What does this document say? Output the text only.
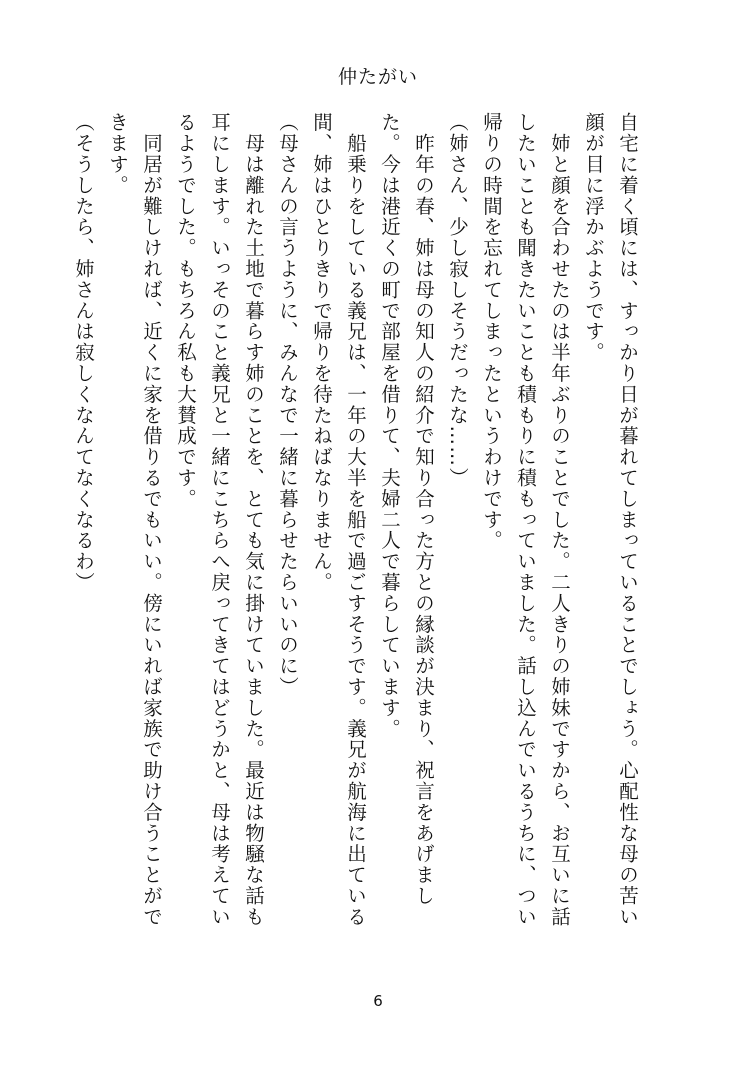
仲たがい

自宅に着く頃には、すっかり日が暮れてしまっていることでしょう。心配性な母の苦い顔が目に浮かぶようです。

　姉と顔を合わせたのは半年ぶりのことでした。二人きりの姉妹ですから、お互いに話したいことも聞きたいことも積もりに積もっていました。話し込んでいるうちに、つい帰りの時間を忘れてしまったというわけです。

（姉さん、少し寂しそうだったな……）

　昨年の春、姉は母の知人の紹介で知り合った方との縁談が決まり、祝言をあげました。今は港近くの町で部屋を借りて、夫婦二人で暮らしています。

　船乗りをしている義兄は、一年の大半を船で過ごすそうです。義兄が航海に出ている間、姉はひとりきりで帰りを待たねばなりません。

（母さんの言うように、みんなで一緒に暮らせたらいいのに）

　母は離れた土地で暮らす姉のことを、とても気に掛けていました。最近は物騒な話も耳にします。いっそのこと義兄と一緒にこちらへ戻ってきてはどうかと、母は考えているようでした。もちろん私も大賛成です。

　同居が難しければ、近くに家を借りるでもいい。傍にいれば家族で助け合うことができます。

（そうしたら、姉さんは寂しくなんてなくなるわ）

6
